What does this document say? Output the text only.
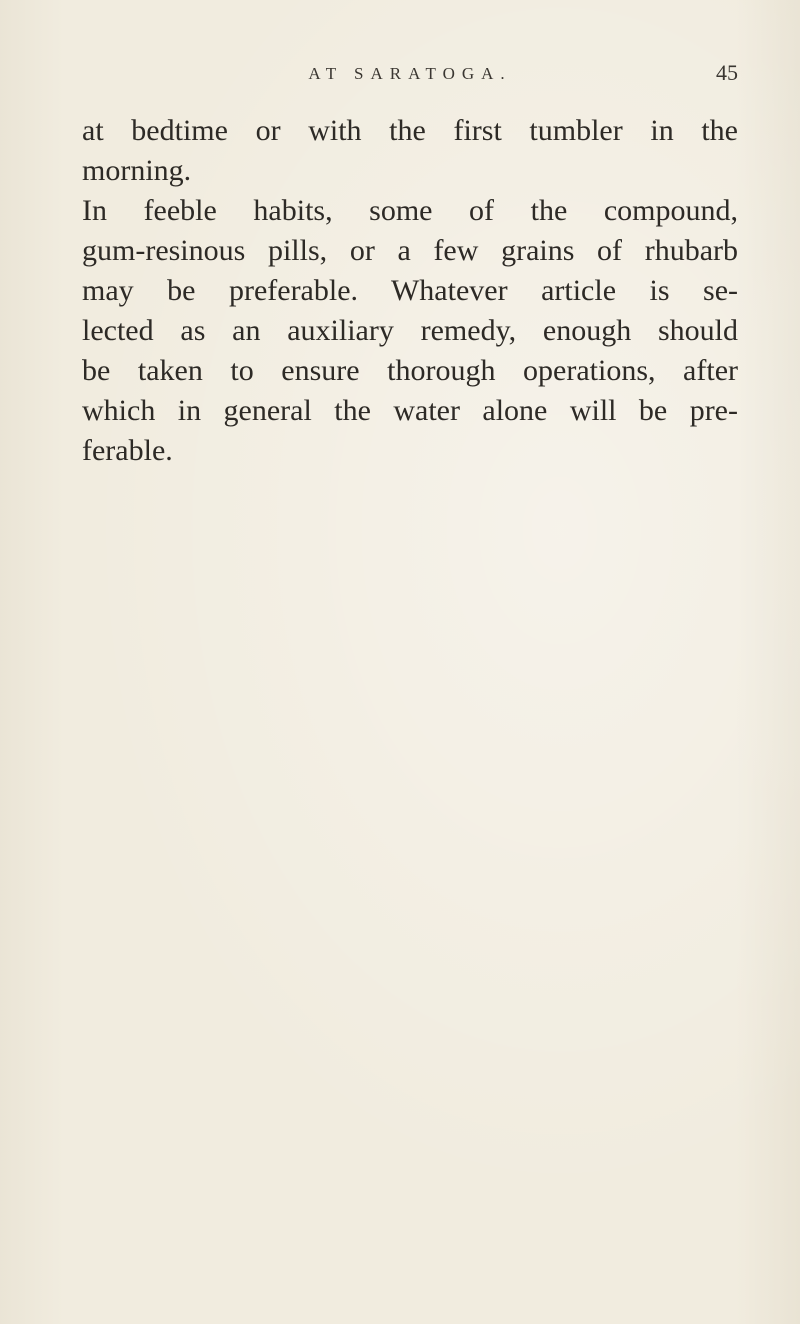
AT SARATOGA.	45
at bedtime or with the first tumbler in the
morning.
In feeble habits, some of the compound,
gum-resinous pills, or a few grains of rhubarb
may be preferable. Whatever article is se-
lected as an auxiliary remedy, enough should
be taken to ensure thorough operations, after
which in general the water alone will be pre-
ferable.
